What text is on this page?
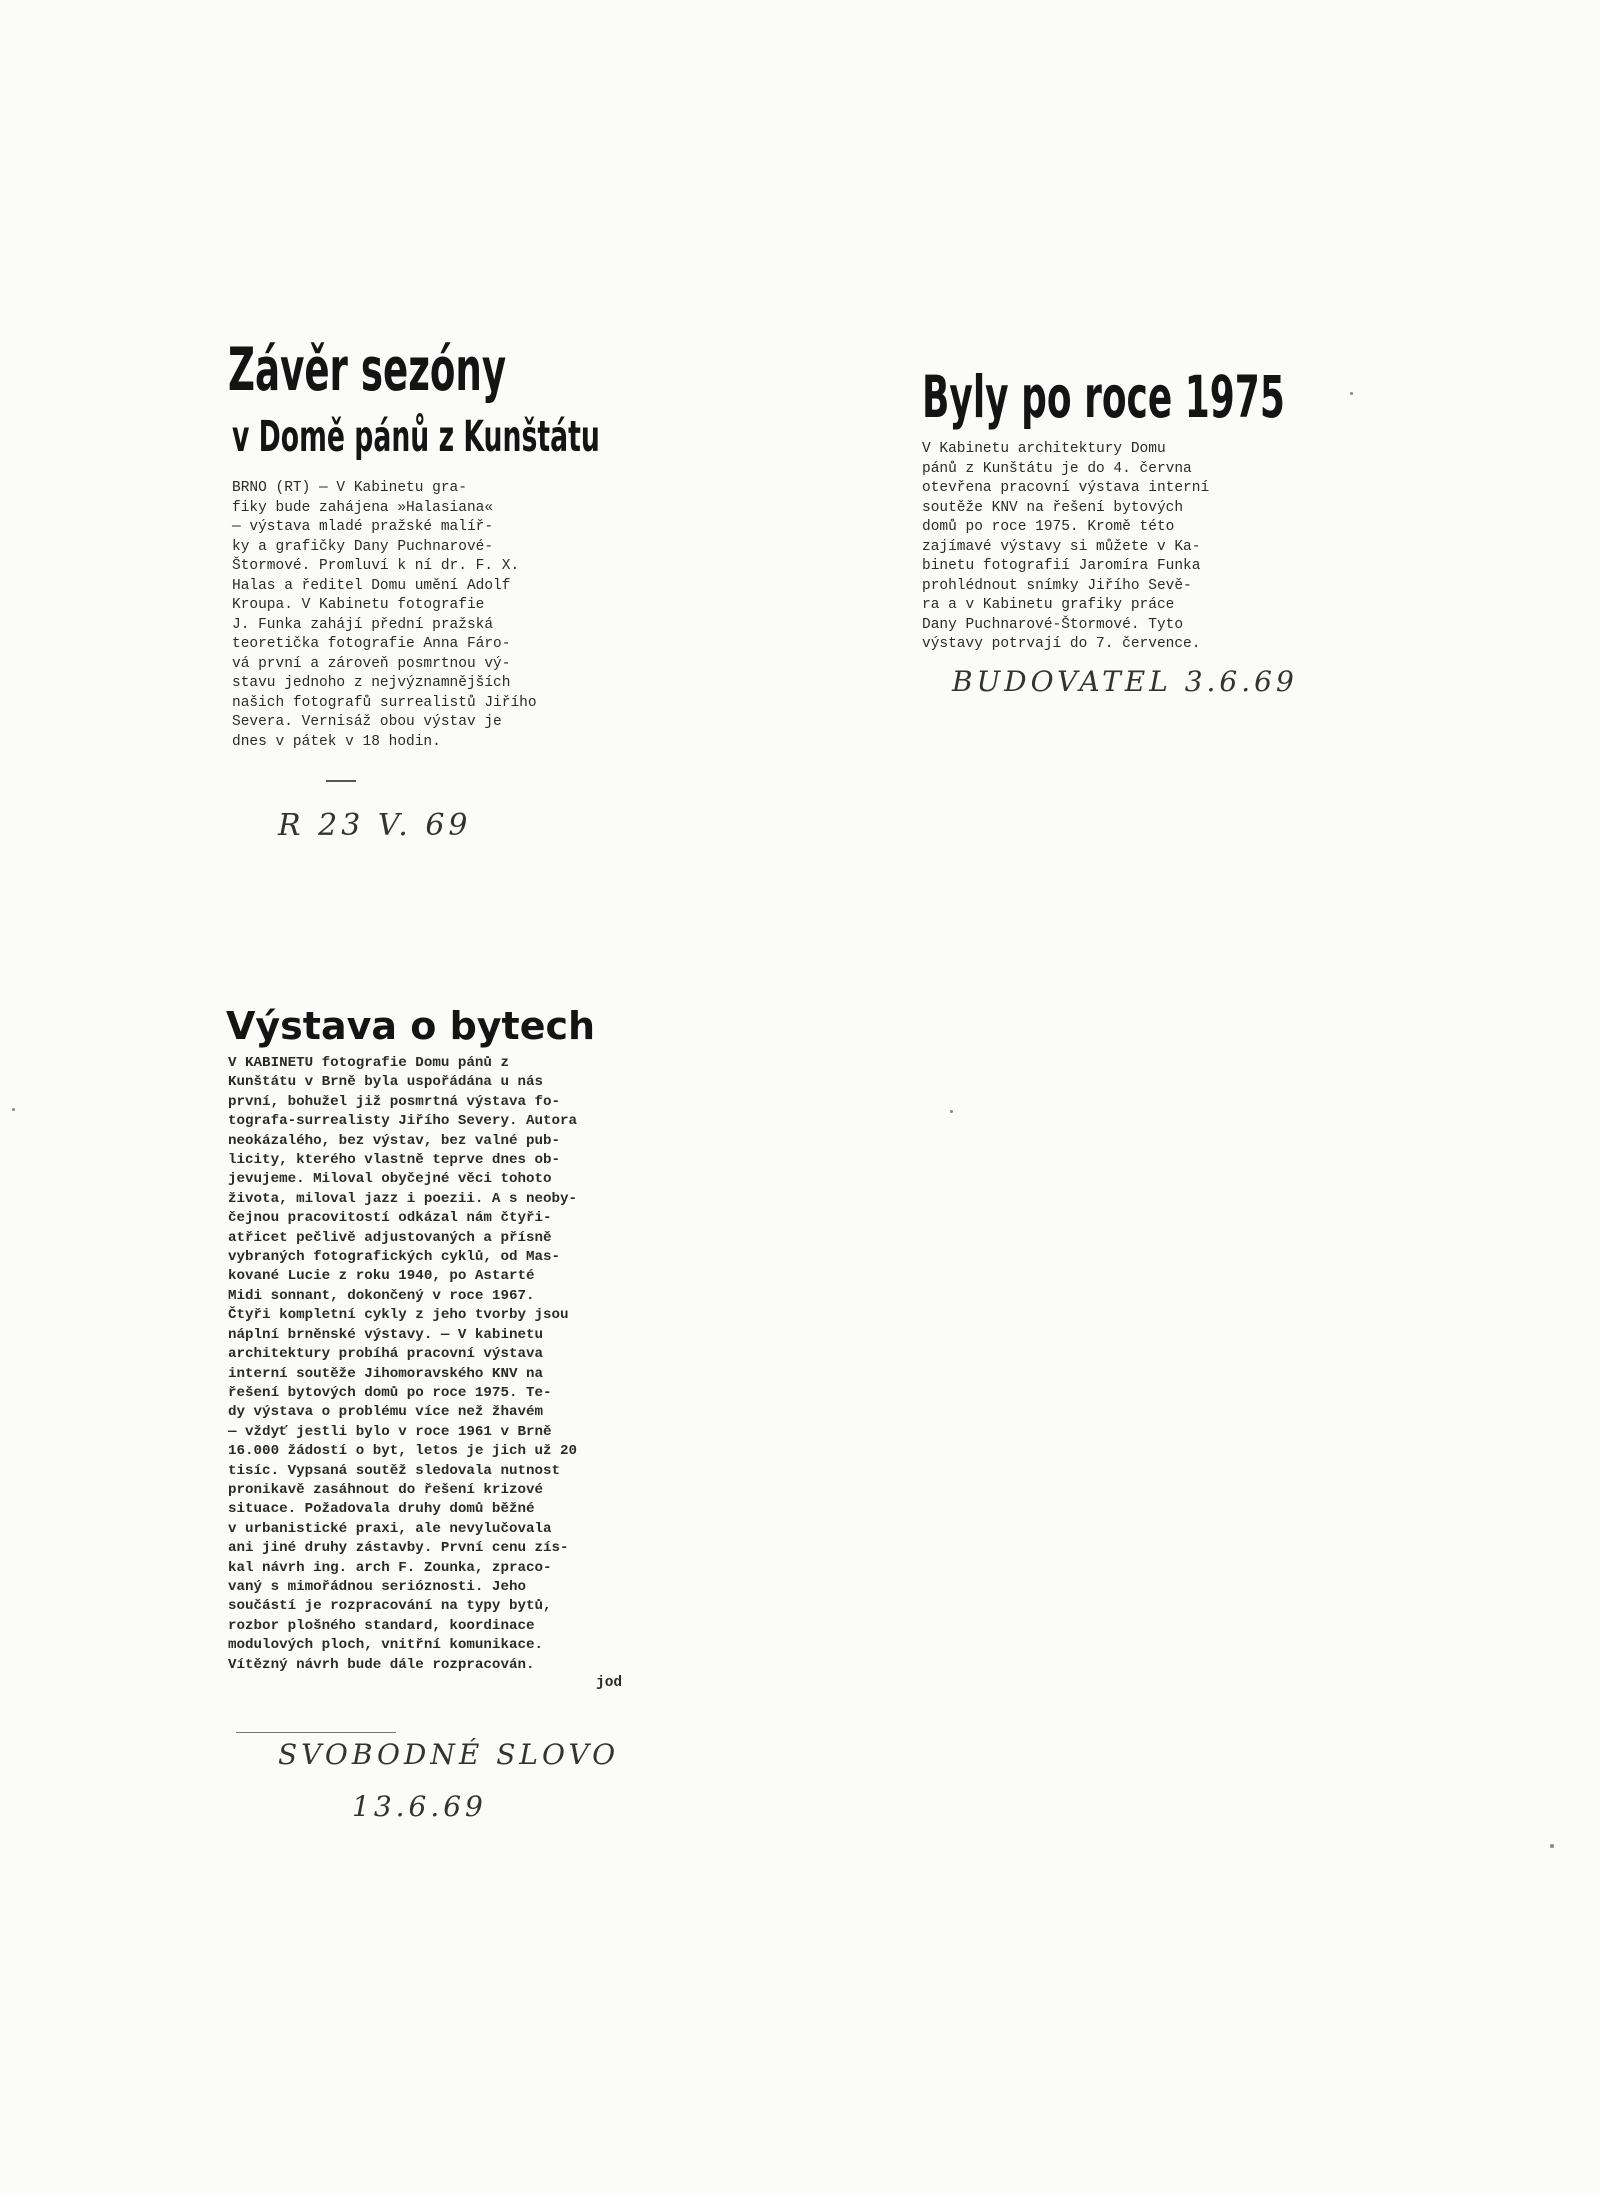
Závěr sezóny
v Domě pánů z Kunštátu

BRNO (RT) — V Kabinetu gra-
fiky bude zahájena »Halasiana«
— výstava mladé pražské malíř-
ky a grafičky Dany Puchnarové-
Štormové. Promluví k ní dr. F. X.
Halas a ředitel Domu umění Adolf
Kroupa. V Kabinetu fotografie
J. Funka zahájí přední pražská
teoretička fotografie Anna Fáro-
vá první a zároveň posmrtnou vý-
stavu jednoho z nejvýznamnějších
našich fotografů surrealistů Jiřího
Severa. Vernisáž obou výstav je
dnes v pátek v 18 hodin.

R 23 V. 69
Byly po roce 1975

V Kabinetu architektury Domu
pánů z Kunštátu je do 4. června
otevřena pracovní výstava interní
soutěže KNV na řešení bytových
domů po roce 1975. Kromě této
zajímavé výstavy si můžete v Ka-
binetu fotografií Jaromíra Funka
prohlédnout snímky Jiřího Sevě-
ra a v Kabinetu grafiky práce
Dany Puchnarové-Štormové. Tyto
výstavy potrvají do 7. července.

BUDOVATEL 3.6.69
Výstava o bytech

V KABINETU fotografie Domu pánů z
Kunštátu v Brně byla uspořádána u nás
první, bohužel již posmrtná výstava fo-
tografa-surrealisty Jiřího Severy. Autora
neokázalého, bez výstav, bez valné pub-
licity, kterého vlastně teprve dnes ob-
jevujeme. Miloval obyčejné věci tohoto
života, miloval jazz i poezii. A s neoby-
čejnou pracovitostí odkázal nám čtyři-
atřicet pečlivě adjustovaných a přísně
vybraných fotografických cyklů, od Mas-
kované Lucie z roku 1940, po Astarté
Midi sonnant, dokončený v roce 1967.
Čtyři kompletní cykly z jeho tvorby jsou
náplní brněnské výstavy. — V kabinetu
architektury probíhá pracovní výstava
interní soutěže Jihomoravského KNV na
řešení bytových domů po roce 1975. Te-
dy výstava o problému více než žhavém
— vždyť jestli bylo v roce 1961 v Brně
16.000 žádostí o byt, letos je jich už 20
tisíc. Vypsaná soutěž sledovala nutnost
pronikavě zasáhnout do řešení krizové
situace. Požadovala druhy domů běžné
v urbanistické praxi, ale nevylučovala
ani jiné druhy zástavby. První cenu zís-
kal návrh ing. arch F. Zounka, zpraco-
vaný s mimořádnou serióznosti. Jeho
součástí je rozpracování na typy bytů,
rozbor plošného standard, koordinace
modulových ploch, vnitřní komunikace.
Vítězný návrh bude dále rozpracován.

jod
SVOBODNÉ SLOVO
13.6.69
